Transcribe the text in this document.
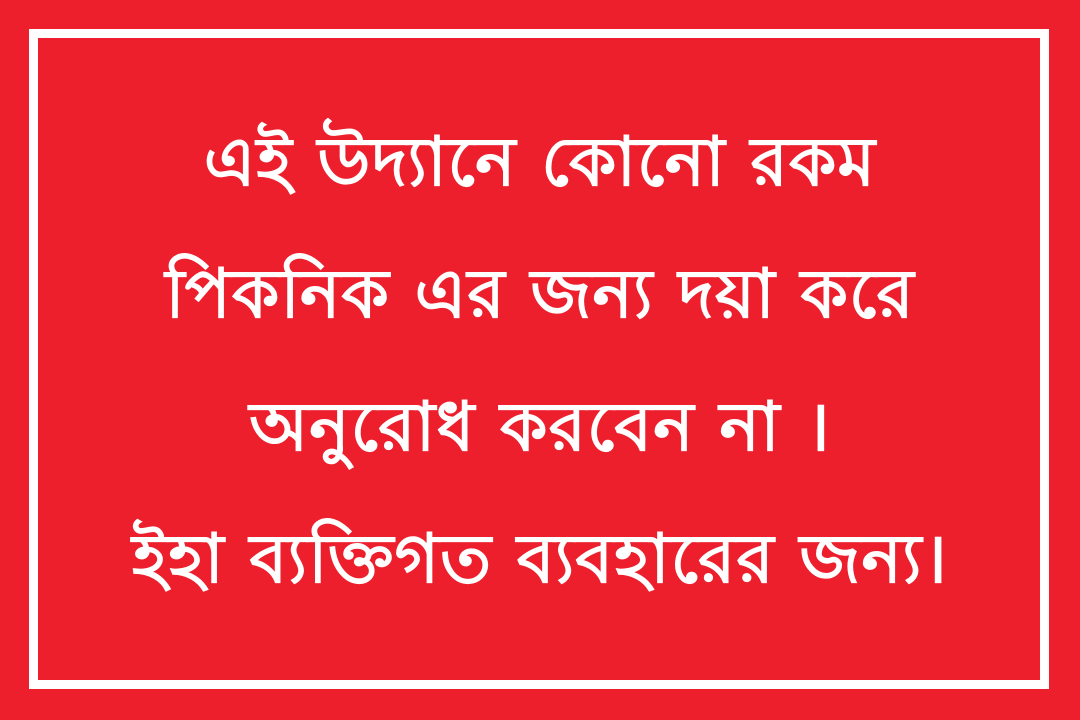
এই উদ্যানে কোনো রকম
পিকনিক এর জন্য দয়া করে
অনুরোধ করবেন না ।
ইহা ব্যক্তিগত ব্যবহারের জন্য।
